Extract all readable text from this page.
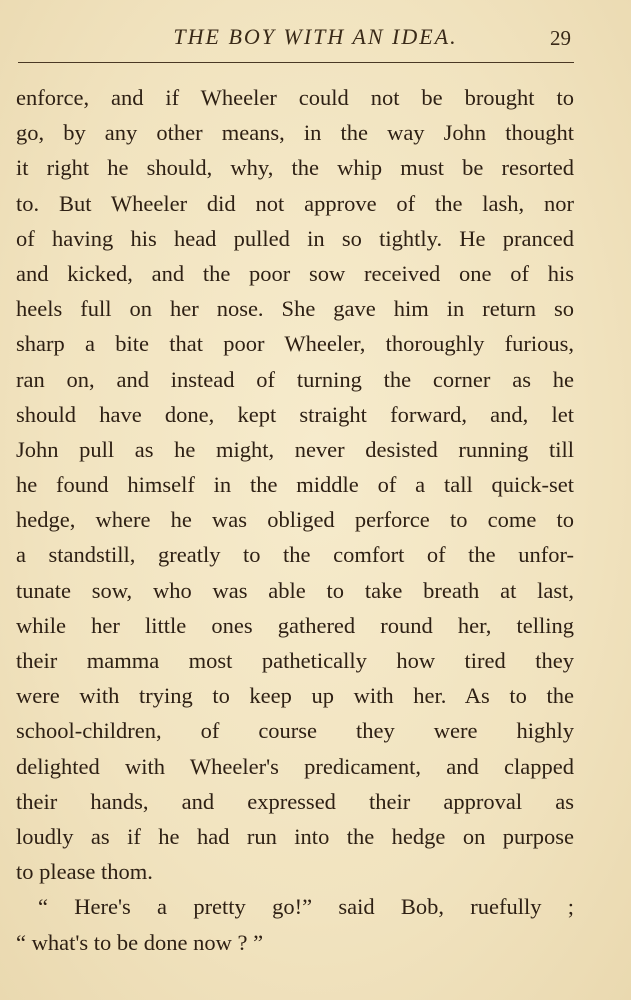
THE BOY WITH AN IDEA.	29
enforce, and if Wheeler could not be brought to
go, by any other means, in the way John thought
it right he should, why, the whip must be resorted
to. But Wheeler did not approve of the lash, nor
of having his head pulled in so tightly. He pranced
and kicked, and the poor sow received one of his
heels full on her nose. She gave him in return so
sharp a bite that poor Wheeler, thoroughly furious,
ran on, and instead of turning the corner as he
should have done, kept straight forward, and, let
John pull as he might, never desisted running till
he found himself in the middle of a tall quick-set
hedge, where he was obliged perforce to come to
a standstill, greatly to the comfort of the unfor-
tunate sow, who was able to take breath at last,
while her little ones gathered round her, telling
their mamma most pathetically how tired they
were with trying to keep up with her. As to the
school-children, of course they were highly
delighted with Wheeler's predicament, and clapped
their hands, and expressed their approval as
loudly as if he had run into the hedge on purpose
to please thom.
“ Here's a pretty go!” said Bob, ruefully ;
“ what's to be done now ? ”
